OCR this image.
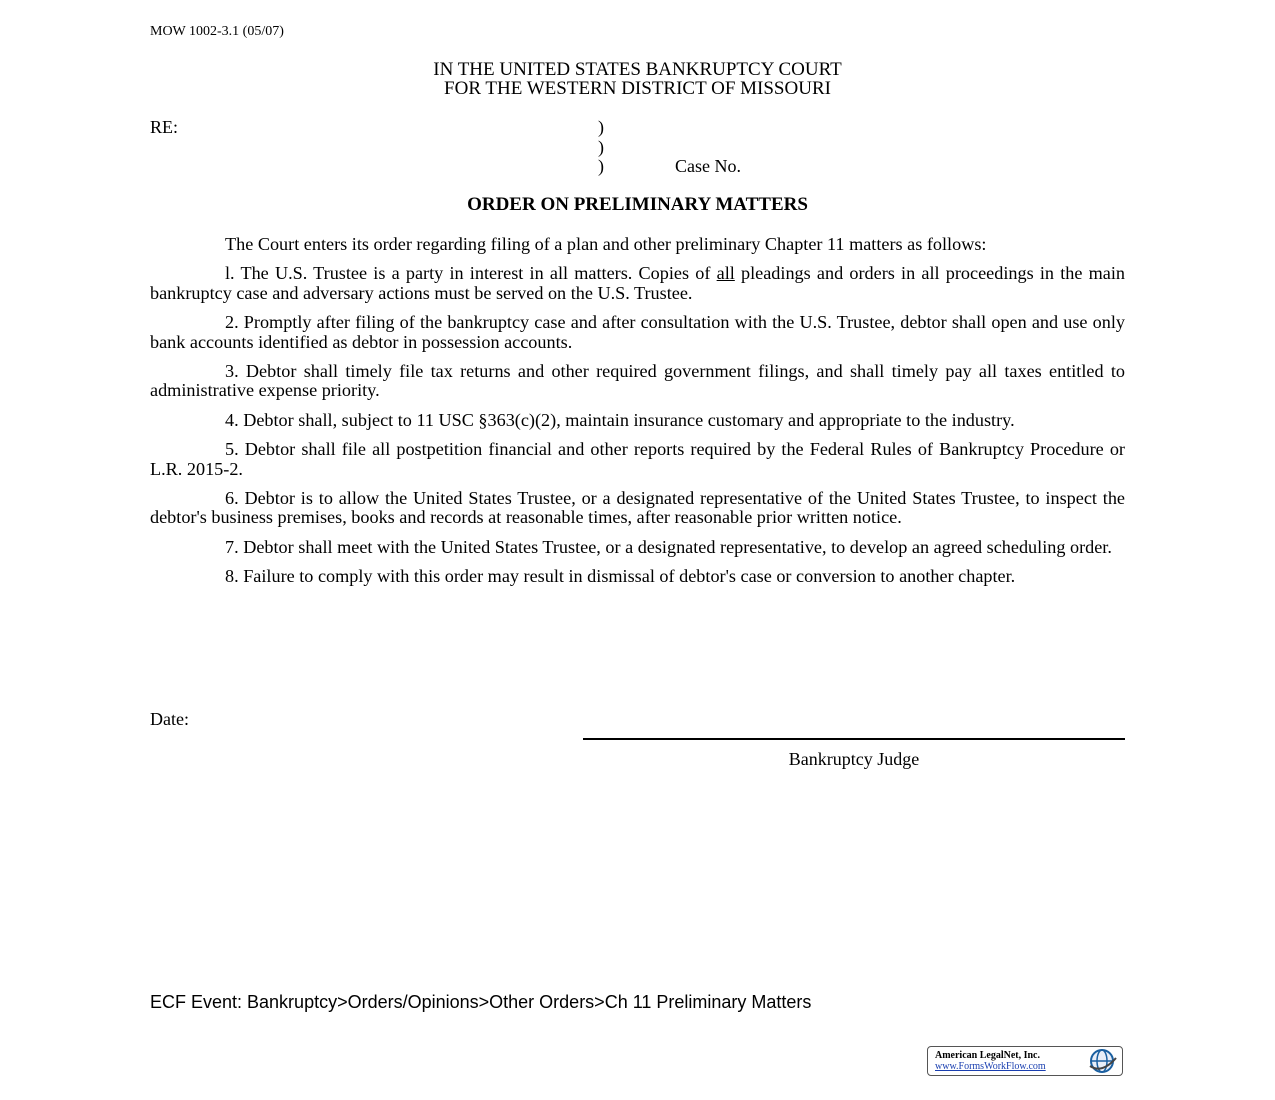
MOW 1002-3.1 (05/07)
IN THE UNITED STATES BANKRUPTCY COURT
FOR THE WESTERN DISTRICT OF MISSOURI
RE:	)
)
)	Case No.
ORDER ON PRELIMINARY MATTERS

The Court enters its order regarding filing of a plan and other preliminary Chapter 11 matters as follows:

l. The U.S. Trustee is a party in interest in all matters. Copies of all pleadings and orders in all proceedings in the main bankruptcy case and adversary actions must be served on the U.S. Trustee.

2. Promptly after filing of the bankruptcy case and after consultation with the U.S. Trustee, debtor shall open and use only bank accounts identified as debtor in possession accounts.

3. Debtor shall timely file tax returns and other required government filings, and shall timely pay all taxes entitled to administrative expense priority.

4. Debtor shall, subject to 11 USC §363(c)(2), maintain insurance customary and appropriate to the industry.

5. Debtor shall file all postpetition financial and other reports required by the Federal Rules of Bankruptcy Procedure or L.R. 2015-2.

6. Debtor is to allow the United States Trustee, or a designated representative of the United States Trustee, to inspect the debtor's business premises, books and records at reasonable times, after reasonable prior written notice.

7. Debtor shall meet with the United States Trustee, or a designated representative, to develop an agreed scheduling order.

8. Failure to comply with this order may result in dismissal of debtor's case or conversion to another chapter.

Date:
Bankruptcy Judge
ECF Event: Bankruptcy>Orders/Opinions>Other Orders>Ch 11 Preliminary Matters
American LegalNet, Inc.
www.FormsWorkFlow.com
